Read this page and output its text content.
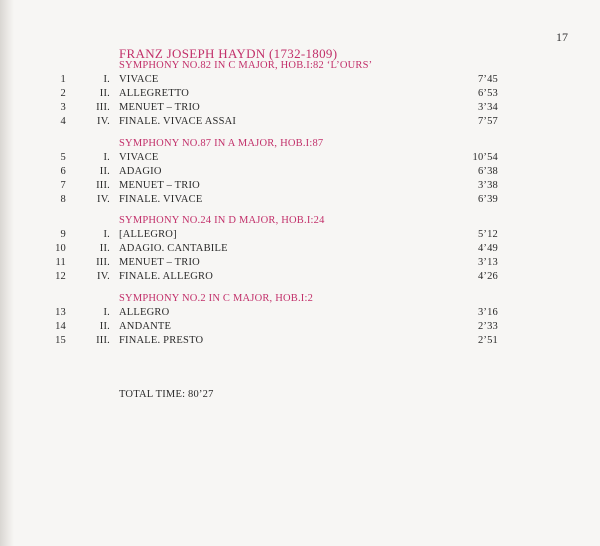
17
FRANZ JOSEPH HAYDN (1732-1809)
SYMPHONY NO.82 IN C MAJOR, HOB.I:82 ‘L’OURS’
1	I. VIVACE	7’45
2	II. ALLEGRETTO	6’53
3	III. MENUET – TRIO	3’34
4	IV. FINALE. VIVACE ASSAI	7’57
SYMPHONY NO.87 IN A MAJOR, HOB.I:87
5	I. VIVACE	10’54
6	II. ADAGIO	6’38
7	III. MENUET – TRIO	3’38
8	IV. FINALE. VIVACE	6’39
SYMPHONY NO.24 IN D MAJOR, HOB.I:24
9	I. [ALLEGRO]	5’12
10	II. ADAGIO. CANTABILE	4’49
11	III. MENUET – TRIO	3’13
12	IV. FINALE. ALLEGRO	4’26
SYMPHONY NO.2 IN C MAJOR, HOB.I:2
13	I. ALLEGRO	3’16
14	II. ANDANTE	2’33
15	III. FINALE. PRESTO	2’51
TOTAL TIME: 80’27
